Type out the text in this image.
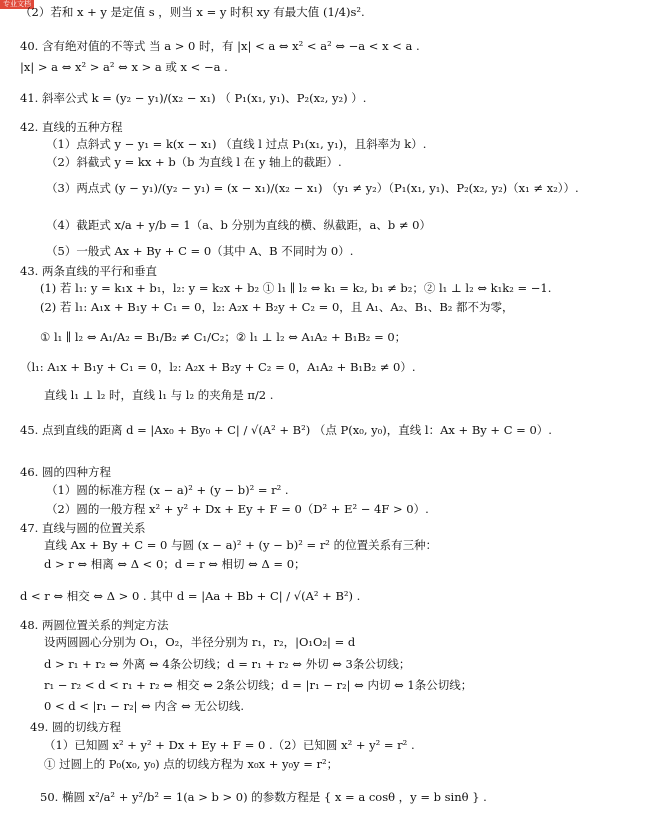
专业文档
（2）若和 x + y 是定值 s ，则当 x = y 时积 xy 有最大值 (1/4)s².
40. 含有绝对值的不等式 当 a > 0 时，有 |x| < a ⇔ x² < a² ⇔ −a < x < a .
|x| > a ⇔ x² > a² ⇔ x > a 或 x < −a .
41. 斜率公式 k = (y₂ − y₁)/(x₂ − x₁) （ P₁(x₁, y₁)、P₂(x₂, y₂) ）.
42. 直线的五种方程
（1）点斜式 y − y₁ = k(x − x₁) （直线 l 过点 P₁(x₁, y₁)，且斜率为 k）.
（2）斜截式 y = kx + b（b 为直线 l 在 y 轴上的截距）.
（3）两点式 (y − y₁)/(y₂ − y₁) = (x − x₁)/(x₂ − x₁) （y₁ ≠ y₂）（P₁(x₁, y₁)、P₂(x₂, y₂)（x₁ ≠ x₂））.
（4）截距式 x/a + y/b = 1（a、b 分别为直线的横、纵截距，a、b ≠ 0）
（5）一般式 Ax + By + C = 0（其中 A、B 不同时为 0）.
43. 两条直线的平行和垂直
(1) 若 l₁: y = k₁x + b₁，l₂: y = k₂x + b₂ ① l₁ ∥ l₂ ⇔ k₁ = k₂, b₁ ≠ b₂；② l₁ ⊥ l₂ ⇔ k₁k₂ = −1.
(2) 若 l₁: A₁x + B₁y + C₁ = 0，l₂: A₂x + B₂y + C₂ = 0，且 A₁、A₂、B₁、B₂ 都不为零，
① l₁ ∥ l₂ ⇔ A₁/A₂ = B₁/B₂ ≠ C₁/C₂；② l₁ ⊥ l₂ ⇔ A₁A₂ + B₁B₂ = 0；
（l₁: A₁x + B₁y + C₁ = 0，l₂: A₂x + B₂y + C₂ = 0，A₁A₂ + B₁B₂ ≠ 0）.
直线 l₁ ⊥ l₂ 时，直线 l₁ 与 l₂ 的夹角是 π/2 .
45. 点到直线的距离 d = |Ax₀ + By₀ + C| / √(A² + B²) （点 P(x₀, y₀)，直线 l：Ax + By + C = 0）.
46. 圆的四种方程
（1）圆的标准方程 (x − a)² + (y − b)² = r² .
（2）圆的一般方程 x² + y² + Dx + Ey + F = 0（D² + E² − 4F > 0）.
47. 直线与圆的位置关系
直线 Ax + By + C = 0 与圆 (x − a)² + (y − b)² = r² 的位置关系有三种：
d > r ⇔ 相离 ⇔ Δ < 0；d = r ⇔ 相切 ⇔ Δ = 0；
d < r ⇔ 相交 ⇔ Δ > 0 . 其中 d = |Aa + Bb + C| / √(A² + B²) .
48. 两圆位置关系的判定方法
设两圆圆心分别为 O₁，O₂，半径分别为 r₁，r₂，|O₁O₂| = d
d > r₁ + r₂ ⇔ 外离 ⇔ 4条公切线；d = r₁ + r₂ ⇔ 外切 ⇔ 3条公切线；
r₁ − r₂ < d < r₁ + r₂ ⇔ 相交 ⇔ 2条公切线；d = |r₁ − r₂| ⇔ 内切 ⇔ 1条公切线；
0 < d < |r₁ − r₂| ⇔ 内含 ⇔ 无公切线.
49. 圆的切线方程
（1）已知圆 x² + y² + Dx + Ey + F = 0 .（2）已知圆 x² + y² = r² .
① 过圆上的 P₀(x₀, y₀) 点的切线方程为 x₀x + y₀y = r²；
50. 椭圆 x²/a² + y²/b² = 1(a > b > 0) 的参数方程是 { x = a cosθ ，y = b sinθ } .
